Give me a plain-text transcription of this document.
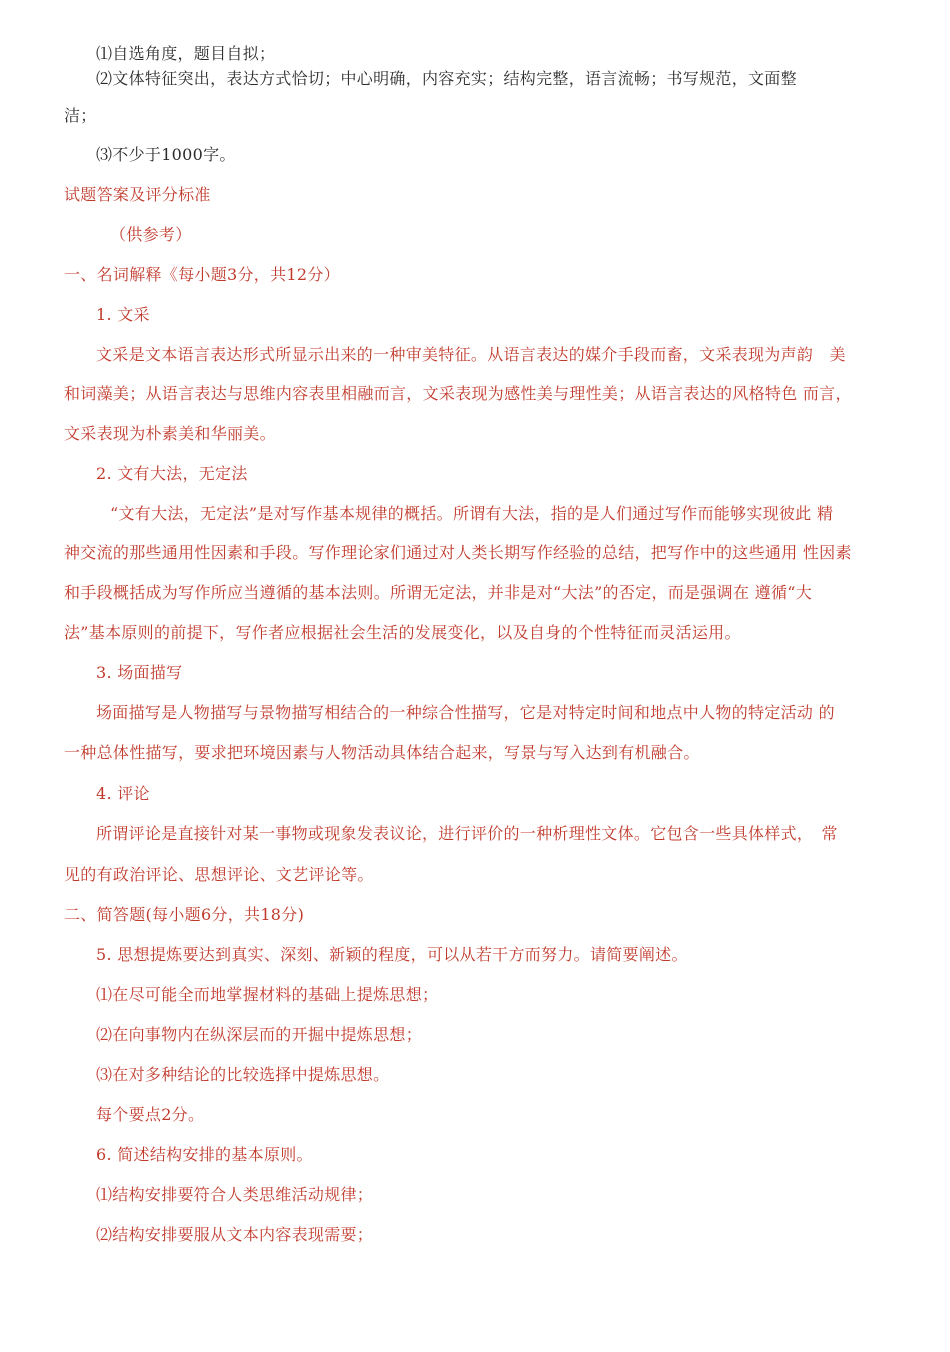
⑴自选角度，题目自拟；
⑵文体特征突出，表达方式恰切；中心明确，内容充实；结构完整，语言流畅；书写规范，文面整
洁；
⑶不少于1000字。
试题答案及评分标准
（供参考）
一、名词解释《每小题3分，共12分）
1. 文采
文采是文本语言表达形式所显示出来的一种审美特征。从语言表达的媒介手段而畜，文采表现为声韵　美
和词藻美；从语言表达与思维内容表里相融而言，文采表现为感性美与理性美；从语言表达的风格特色 而言，
文采表现为朴素美和华丽美。
2. 文有大法，无定法
“文有大法，无定法”是对写作基本规律的概括。所谓有大法，指的是人们通过写作而能够实现彼此 精
神交流的那些通用性因素和手段。写作理论家们通过对人类长期写作经验的总结，把写作中的这些通用 性因素
和手段概括成为写作所应当遵循的基本法则。所谓无定法，并非是对“大法”的否定，而是强调在 遵循“大
法”基本原则的前提下，写作者应根据社会生活的发展变化，以及自身的个性特征而灵活运用。
3. 场面描写
场面描写是人物描写与景物描写相结合的一种综合性描写，它是对特定时间和地点中人物的特定活动 的
一种总体性描写，要求把环境因素与人物活动具体结合起来，写景与写入达到有机融合。
4. 评论
所谓评论是直接针对某一事物或现象发表议论，进行评价的一种析理性文体。它包含一些具体样式，　常
见的有政治评论、思想评论、文艺评论等。
二、简答题(每小题6分，共18分)
5. 思想提炼要达到真实、深刻、新颖的程度，可以从若干方而努力。请简要阐述。
⑴在尽可能全而地掌握材料的基础上提炼思想；
⑵在向事物内在纵深层而的开掘中提炼思想；
⑶在对多种结论的比较选择中提炼思想。
每个要点2分。
6. 简述结构安排的基本原则。
⑴结构安排要符合人类思维活动规律；
⑵结构安排要服从文本内容表现需要；
